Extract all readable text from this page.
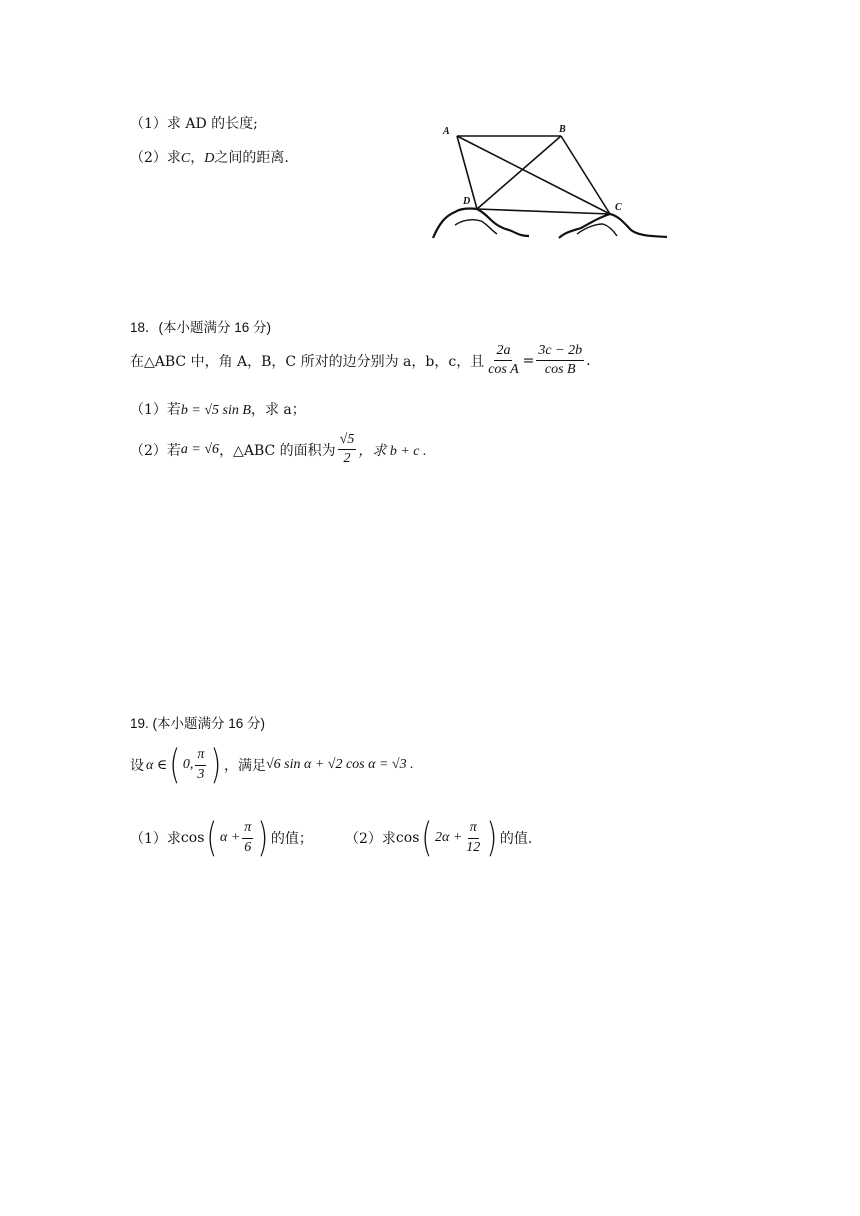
（1）求 AD 的长度;
（2）求C，D之间的距离.
A	B
C
D
18．(本小题满分 16 分)
在△ABC 中，角 A，B，C 所对的边分别为 a，b，c，且 $\frac{2a}{\text{cos A}} = \frac{3c - 2b}{\text{cos B}}$ .
（1）若b = √5 sin B，求 a；
（2）若 a = √6 ，△ABC 的面积为 $\frac{√5}{2}$ ，求 b + c .
19. (本小题满分 16 分)
设 α ∈ ( 0, $\frac{\pi}{3}$ ) ，满足 √6 sin α + √2 cos α = √3 .
（1）求 cos ( $\alpha + \frac{\pi}{6}$ ) 的值； （2）求 cos ( $2\alpha + \frac{\pi}{12}$ ) 的值.
